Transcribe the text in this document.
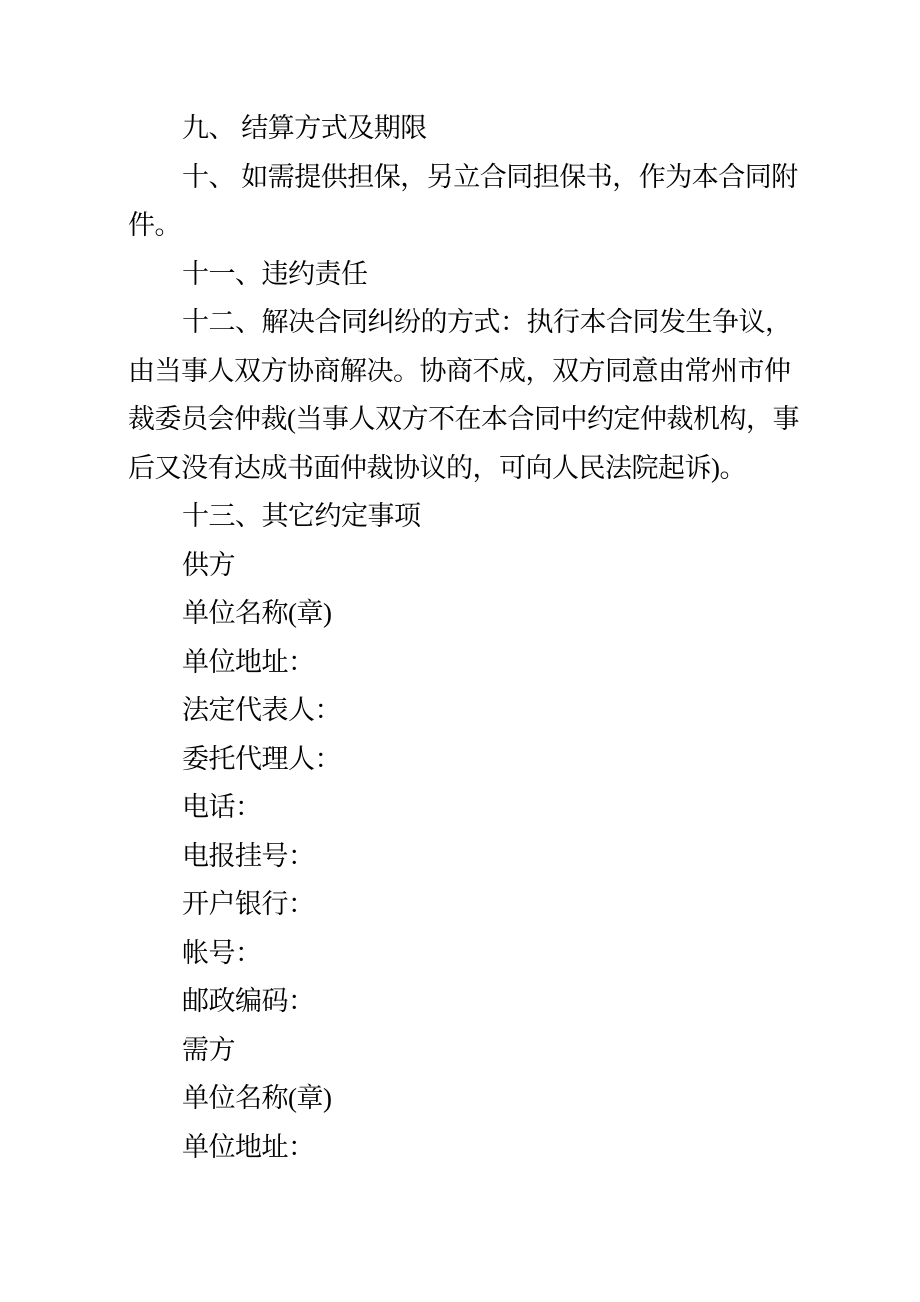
九、 结算方式及期限
十、 如需提供担保，另立合同担保书，作为本合同附
件。
十一、违约责任
十二、解决合同纠纷的方式：执行本合同发生争议，
由当事人双方协商解决。协商不成，双方同意由常州市仲
裁委员会仲裁(当事人双方不在本合同中约定仲裁机构，事
后又没有达成书面仲裁协议的，可向人民法院起诉)。
十三、其它约定事项
供方
单位名称(章)
单位地址：
法定代表人：
委托代理人：
电话：
电报挂号：
开户银行：
帐号：
邮政编码：
需方
单位名称(章)
单位地址：
